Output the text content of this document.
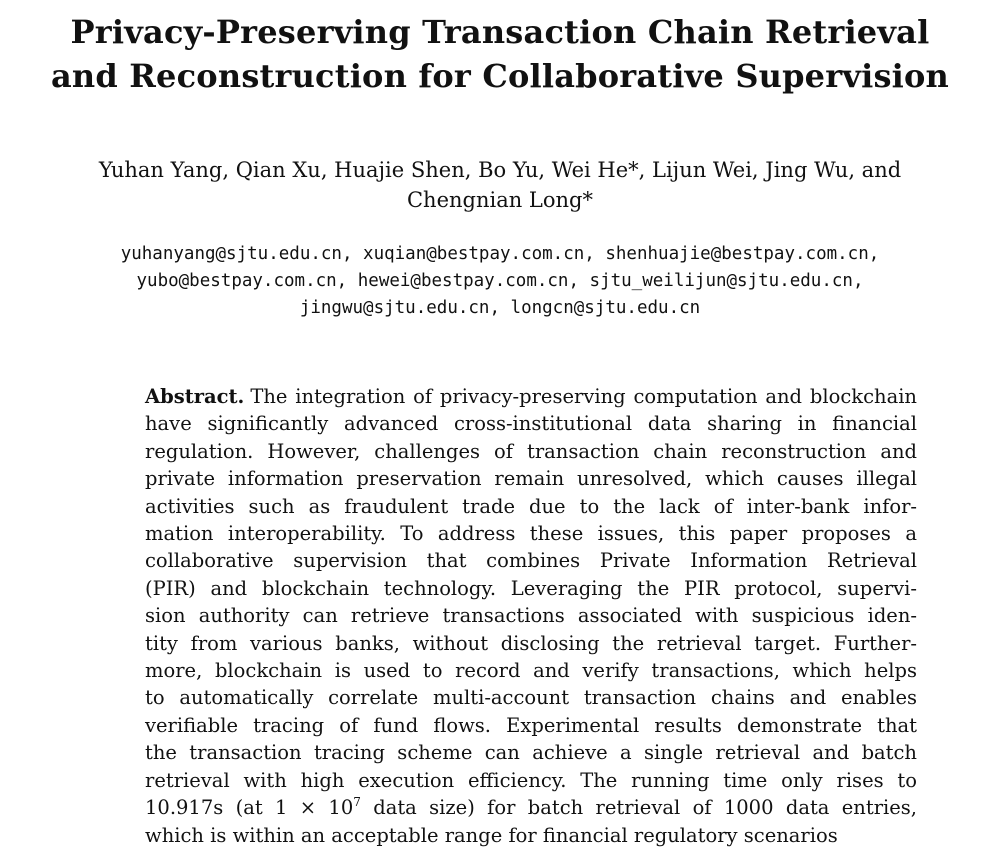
Privacy-Preserving Transaction Chain Retrieval
and Reconstruction for Collaborative Supervision
Yuhan Yang, Qian Xu, Huajie Shen, Bo Yu, Wei He*, Lijun Wei, Jing Wu, and
Chengnian Long*
yuhanyang@sjtu.edu.cn, xuqian@bestpay.com.cn, shenhuajie@bestpay.com.cn,
yubo@bestpay.com.cn, hewei@bestpay.com.cn, sjtu_weilijun@sjtu.edu.cn,
jingwu@sjtu.edu.cn, longcn@sjtu.edu.cn
Abstract. The integration of privacy-preserving computation and blockchain
have significantly advanced cross-institutional data sharing in financial
regulation. However, challenges of transaction chain reconstruction and
private information preservation remain unresolved, which causes illegal
activities such as fraudulent trade due to the lack of inter-bank infor-
mation interoperability. To address these issues, this paper proposes a
collaborative supervision that combines Private Information Retrieval
(PIR) and blockchain technology. Leveraging the PIR protocol, supervi-
sion authority can retrieve transactions associated with suspicious iden-
tity from various banks, without disclosing the retrieval target. Further-
more, blockchain is used to record and verify transactions, which helps
to automatically correlate multi-account transaction chains and enables
verifiable tracing of fund flows. Experimental results demonstrate that
the transaction tracing scheme can achieve a single retrieval and batch
retrieval with high execution efficiency. The running time only rises to
10.917s (at $1 \times 10^7$ data size) for batch retrieval of 1000 data entries,
which is within an acceptable range for financial regulatory scenarios
